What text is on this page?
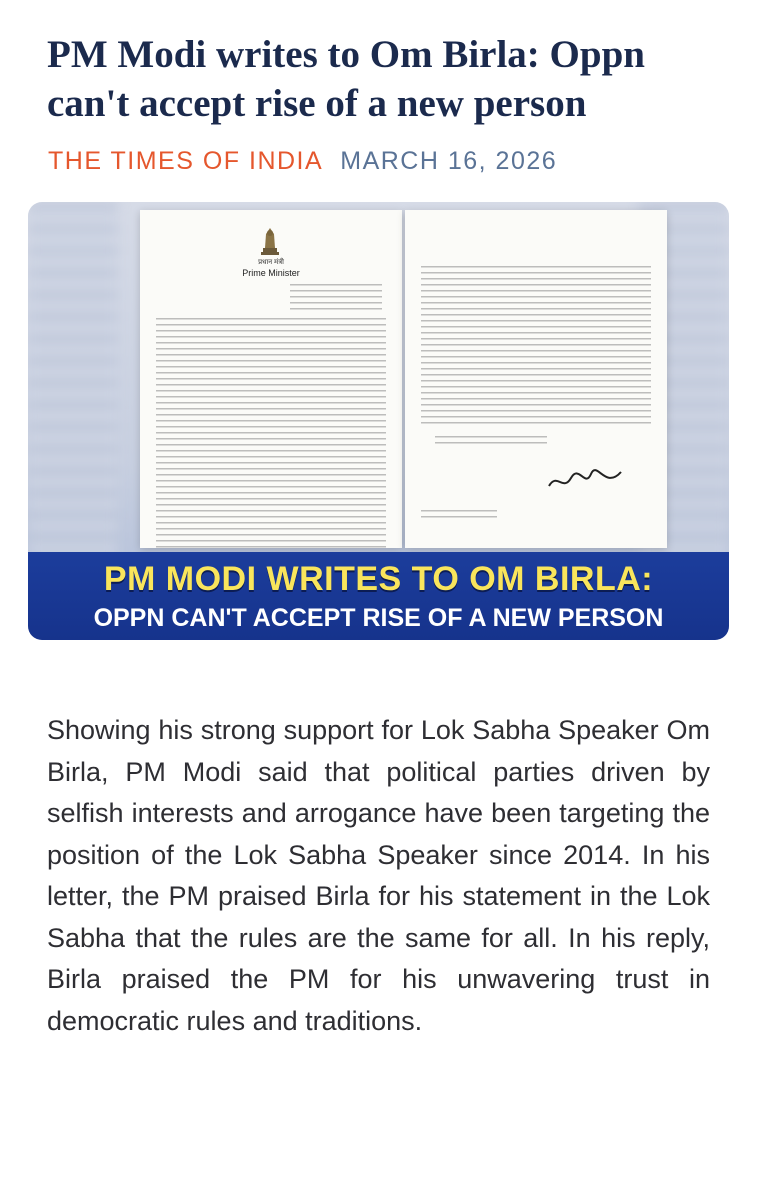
PM Modi writes to Om Birla: Oppn can't accept rise of a new person
THE TIMES OF INDIA MARCH 16, 2026
प्रधान मंत्री
Prime Minister
PM MODI WRITES TO OM BIRLA:
OPPN CAN'T ACCEPT RISE OF A NEW PERSON

Showing his strong support for Lok Sabha Speaker Om Birla, PM Modi said that political parties driven by selfish interests and arrogance have been targeting the position of the Lok Sabha Speaker since 2014. In his letter, the PM praised Birla for his statement in the Lok Sabha that the rules are the same for all. In his reply, Birla praised the PM for his unwavering trust in democratic rules and traditions.
